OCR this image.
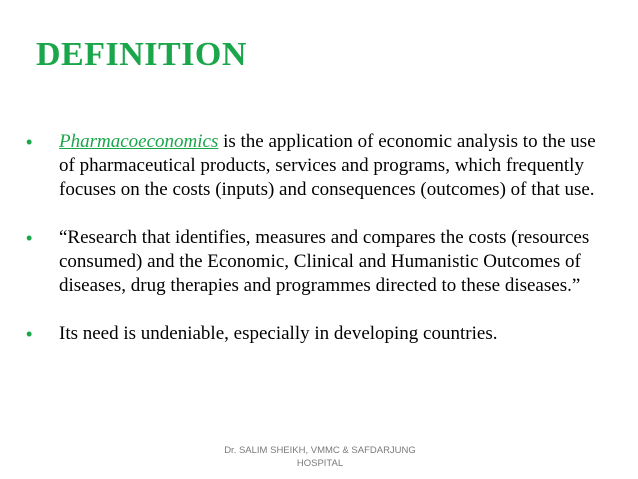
DEFINITION
• Pharmacoeconomics is the application of economic analysis to the use of pharmaceutical products, services and programs, which frequently focuses on the costs (inputs) and consequences (outcomes) of that use.
• “Research that identifies, measures and compares the costs (resources consumed) and the Economic, Clinical and Humanistic Outcomes of diseases, drug therapies and programmes directed to these diseases.”
• Its need is undeniable, especially in developing countries.
Dr. SALIM SHEIKH, VMMC & SAFDARJUNG
HOSPITAL
